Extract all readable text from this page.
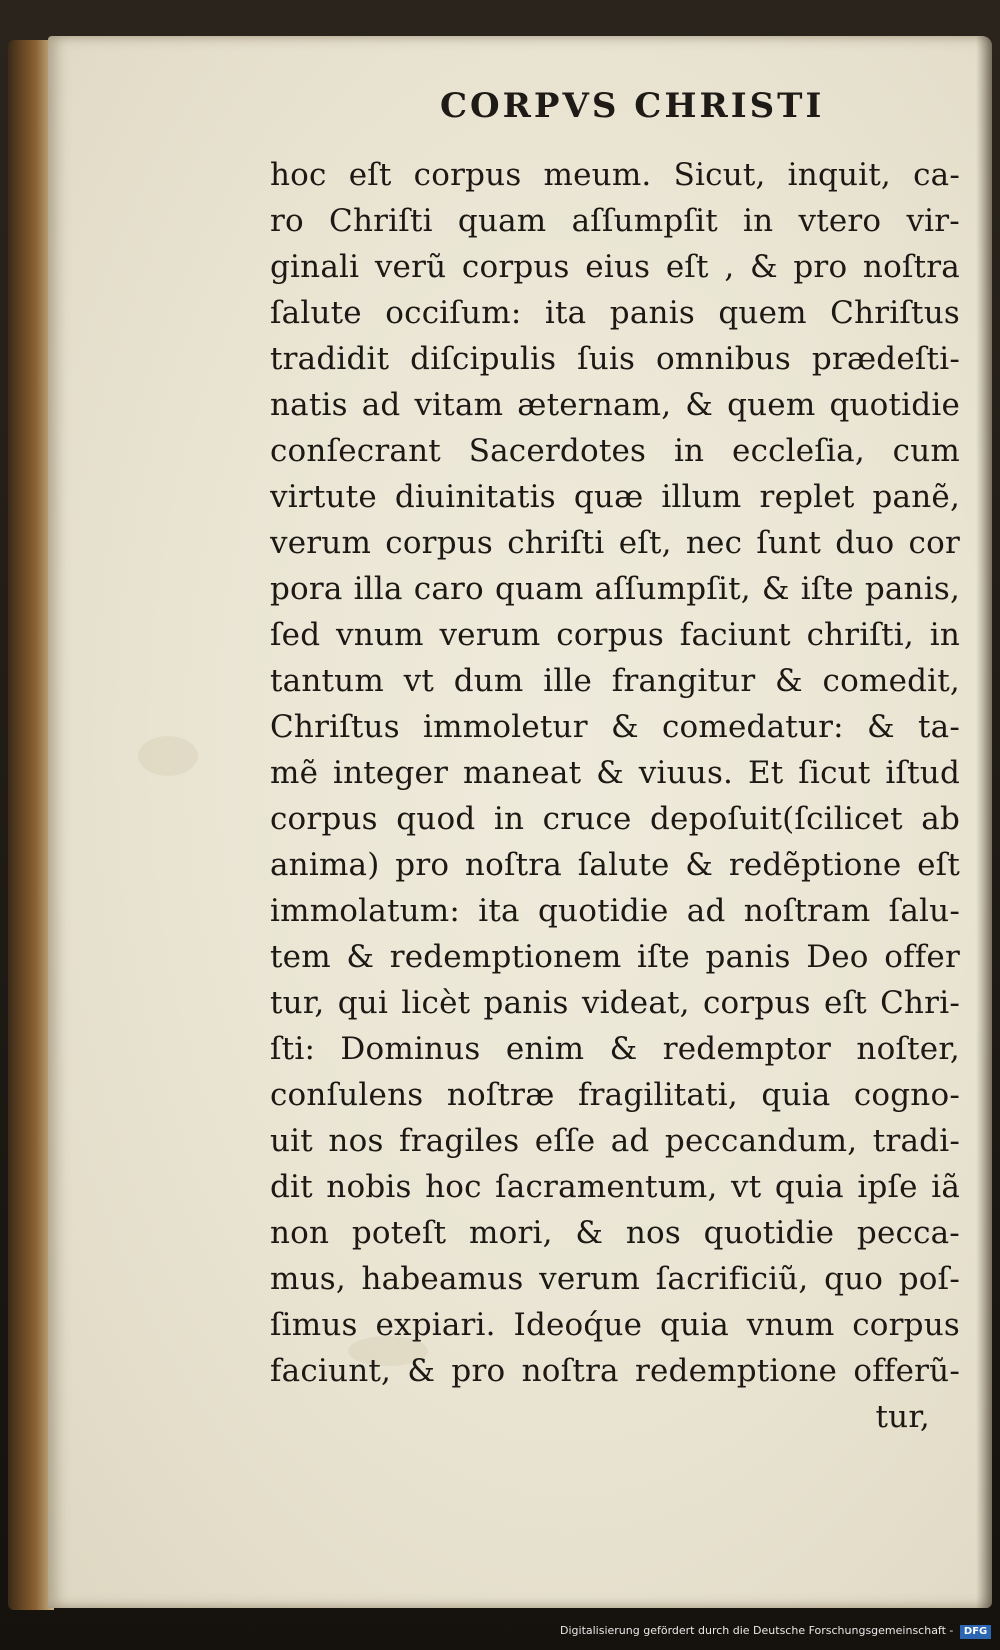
CORPVS CHRISTI
hoc eſt corpus meum. Sicut, inquit, ca-
ro Chriſti quam aſſumpſit in vtero vir-
ginali verũ corpus eius eſt , & pro noſtra
ſalute occiſum: ita panis quem Chriſtus
tradidit diſcipulis ſuis omnibus prædeſti-
natis ad vitam æternam, & quem quotidie
conſecrant Sacerdotes in eccleſia, cum
virtute diuinitatis quæ illum replet panẽ,
verum corpus chriſti eſt, nec ſunt duo cor
pora illa caro quam aſſumpſit, & iſte panis,
ſed vnum verum corpus faciunt chriſti, in
tantum vt dum ille frangitur & comedit,
Chriſtus immoletur & comedatur: & ta-
mẽ integer maneat & viuus. Et ſicut iſtud
corpus quod in cruce depoſuit(ſcilicet ab
anima) pro noſtra ſalute & redẽptione eſt
immolatum: ita quotidie ad noſtram ſalu-
tem & redemptionem iſte panis Deo offer
tur, qui licèt panis videat, corpus eſt Chri-
ſti: Dominus enim & redemptor noſter,
conſulens noſtræ fragilitati, quia cogno-
uit nos fragiles eſſe ad peccandum, tradi-
dit nobis hoc ſacramentum, vt quia ipſe iã
non poteſt mori, & nos quotidie pecca-
mus, habeamus verum ſacrificiũ, quo poſ-
ſimus expiari. Ideoq́ue quia vnum corpus
faciunt, & pro noſtra redemptione offerũ-
tur,
Digitalisierung gefördert durch die Deutsche Forschungsgemeinschaft - DFG
